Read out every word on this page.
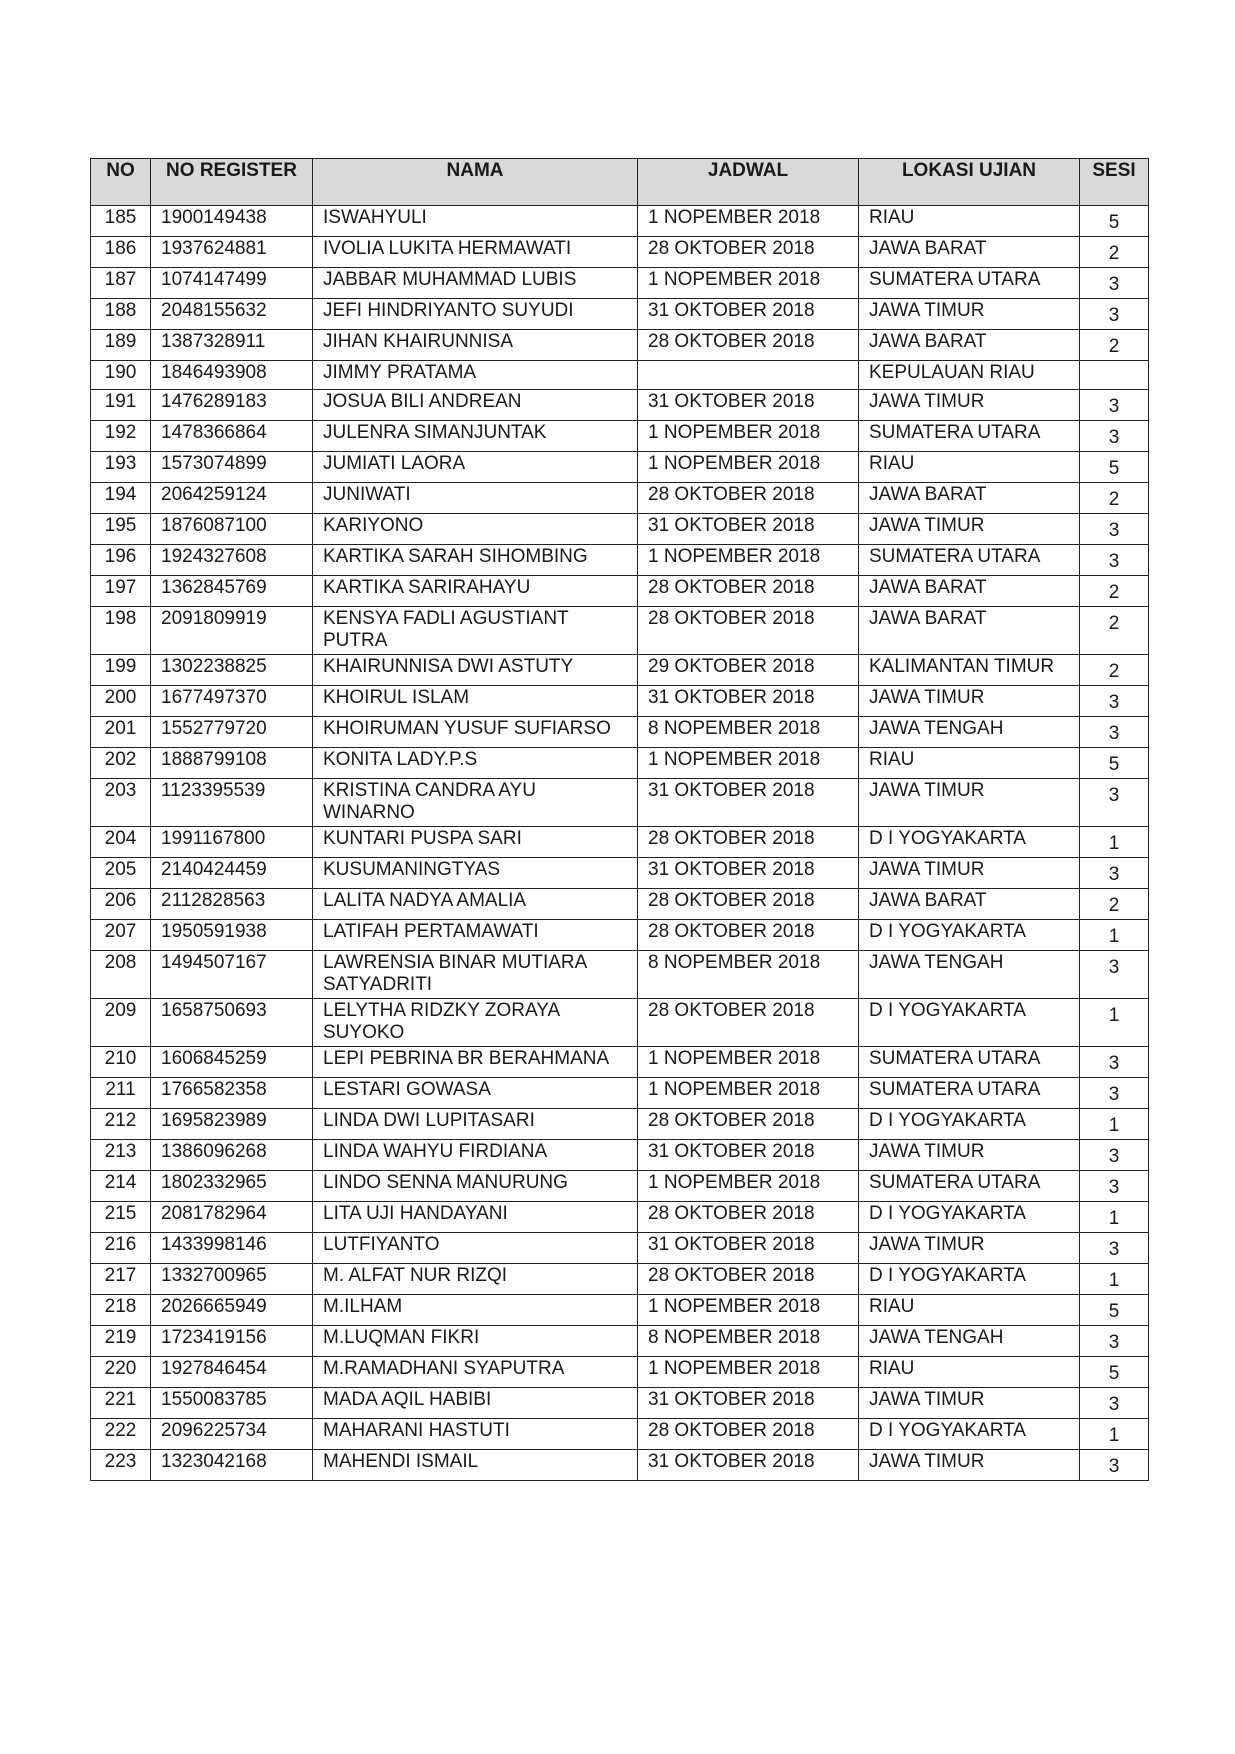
NO	NO REGISTER	NAMA	JADWAL	LOKASI UJIAN	SESI
185	1900149438	ISWAHYULI	1 NOPEMBER 2018	RIAU	5
186	1937624881	IVOLIA LUKITA HERMAWATI	28 OKTOBER 2018	JAWA BARAT	2
187	1074147499	JABBAR MUHAMMAD LUBIS	1 NOPEMBER 2018	SUMATERA UTARA	3
188	2048155632	JEFI HINDRIYANTO SUYUDI	31 OKTOBER 2018	JAWA TIMUR	3
189	1387328911	JIHAN KHAIRUNNISA	28 OKTOBER 2018	JAWA BARAT	2
190	1846493908	JIMMY PRATAMA		KEPULAUAN RIAU	
191	1476289183	JOSUA BILI ANDREAN	31 OKTOBER 2018	JAWA TIMUR	3
192	1478366864	JULENRA SIMANJUNTAK	1 NOPEMBER 2018	SUMATERA UTARA	3
193	1573074899	JUMIATI LAORA	1 NOPEMBER 2018	RIAU	5
194	2064259124	JUNIWATI	28 OKTOBER 2018	JAWA BARAT	2
195	1876087100	KARIYONO	31 OKTOBER 2018	JAWA TIMUR	3
196	1924327608	KARTIKA SARAH SIHOMBING	1 NOPEMBER 2018	SUMATERA UTARA	3
197	1362845769	KARTIKA SARIRAHAYU	28 OKTOBER 2018	JAWA BARAT	2
198	2091809919	KENSYA FADLI AGUSTIANT PUTRA	28 OKTOBER 2018	JAWA BARAT	2
199	1302238825	KHAIRUNNISA DWI ASTUTY	29 OKTOBER 2018	KALIMANTAN TIMUR	2
200	1677497370	KHOIRUL ISLAM	31 OKTOBER 2018	JAWA TIMUR	3
201	1552779720	KHOIRUMAN YUSUF SUFIARSO	8 NOPEMBER 2018	JAWA TENGAH	3
202	1888799108	KONITA LADY.P.S	1 NOPEMBER 2018	RIAU	5
203	1123395539	KRISTINA CANDRA AYU WINARNO	31 OKTOBER 2018	JAWA TIMUR	3
204	1991167800	KUNTARI PUSPA SARI	28 OKTOBER 2018	D I YOGYAKARTA	1
205	2140424459	KUSUMANINGTYAS	31 OKTOBER 2018	JAWA TIMUR	3
206	2112828563	LALITA NADYA AMALIA	28 OKTOBER 2018	JAWA BARAT	2
207	1950591938	LATIFAH PERTAMAWATI	28 OKTOBER 2018	D I YOGYAKARTA	1
208	1494507167	LAWRENSIA BINAR MUTIARA SATYADRITI	8 NOPEMBER 2018	JAWA TENGAH	3
209	1658750693	LELYTHA RIDZKY ZORAYA SUYOKO	28 OKTOBER 2018	D I YOGYAKARTA	1
210	1606845259	LEPI PEBRINA BR BERAHMANA	1 NOPEMBER 2018	SUMATERA UTARA	3
211	1766582358	LESTARI GOWASA	1 NOPEMBER 2018	SUMATERA UTARA	3
212	1695823989	LINDA DWI LUPITASARI	28 OKTOBER 2018	D I YOGYAKARTA	1
213	1386096268	LINDA WAHYU FIRDIANA	31 OKTOBER 2018	JAWA TIMUR	3
214	1802332965	LINDO SENNA MANURUNG	1 NOPEMBER 2018	SUMATERA UTARA	3
215	2081782964	LITA UJI HANDAYANI	28 OKTOBER 2018	D I YOGYAKARTA	1
216	1433998146	LUTFIYANTO	31 OKTOBER 2018	JAWA TIMUR	3
217	1332700965	M. ALFAT NUR RIZQI	28 OKTOBER 2018	D I YOGYAKARTA	1
218	2026665949	M.ILHAM	1 NOPEMBER 2018	RIAU	5
219	1723419156	M.LUQMAN FIKRI	8 NOPEMBER 2018	JAWA TENGAH	3
220	1927846454	M.RAMADHANI SYAPUTRA	1 NOPEMBER 2018	RIAU	5
221	1550083785	MADA AQIL HABIBI	31 OKTOBER 2018	JAWA TIMUR	3
222	2096225734	MAHARANI HASTUTI	28 OKTOBER 2018	D I YOGYAKARTA	1
223	1323042168	MAHENDI ISMAIL	31 OKTOBER 2018	JAWA TIMUR	3
